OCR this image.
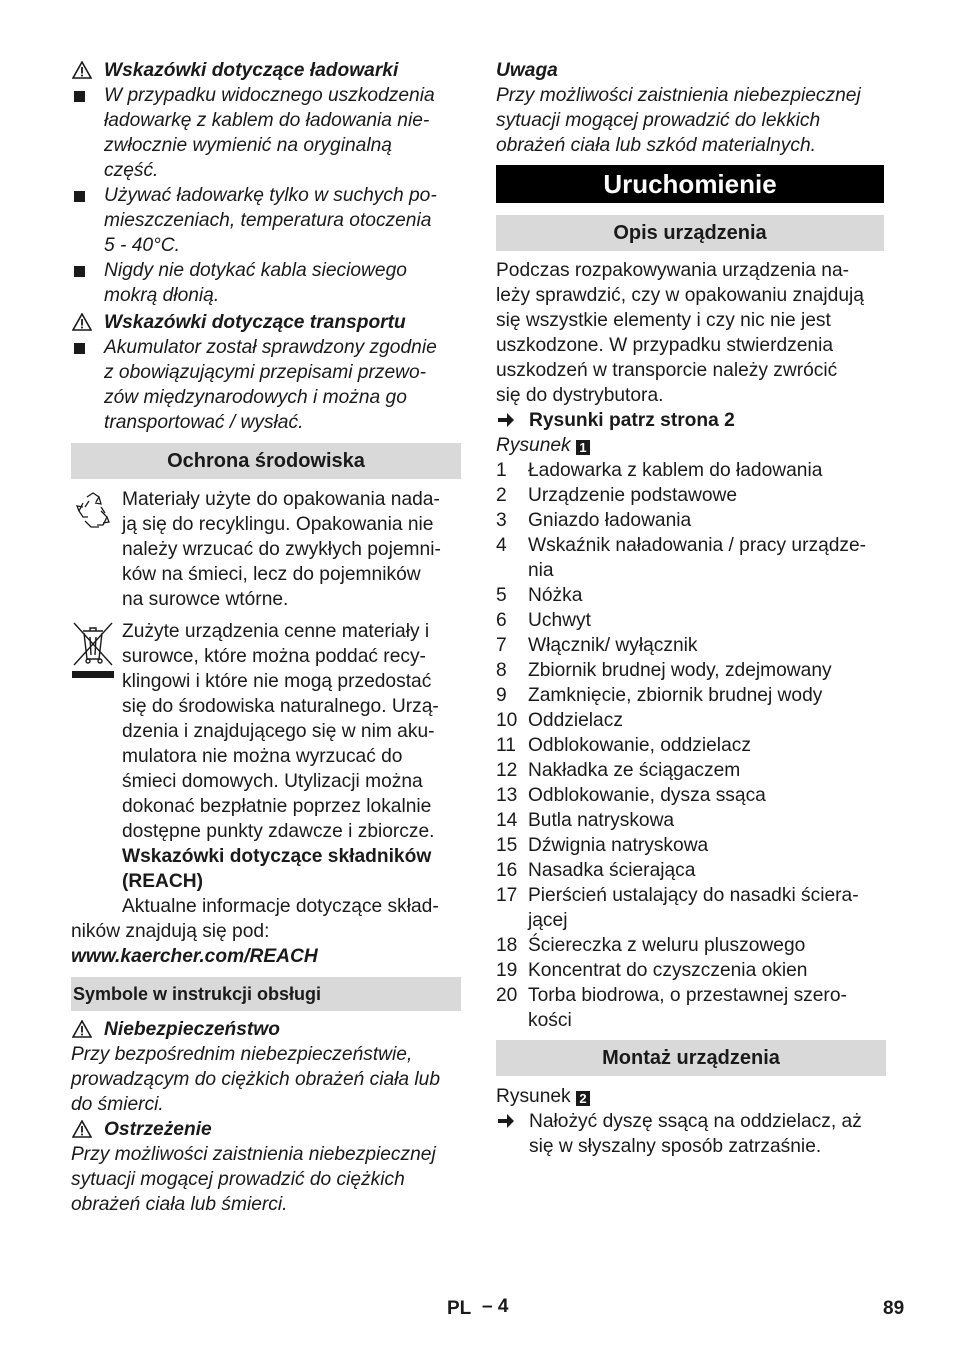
Wskazówki dotyczące ładowarki

W przypadku widocznego uszkodzenia
ładowarkę z kablem do ładowania nie-
zwłocznie wymienić na oryginalną
część.
Używać ładowarkę tylko w suchych po-
mieszczeniach, temperatura otoczenia
5 - 40°C.
Nigdy nie dotykać kabla sieciowego
mokrą dłonią.

Wskazówki dotyczące transportu

Akumulator został sprawdzony zgodnie
z obowiązującymi przepisami przewo-
zów międzynarodowych i można go
transportować / wysłać.
Ochrona środowiska
Materiały użyte do opakowania nada-
ją się do recyklingu. Opakowania nie
należy wrzucać do zwykłych pojemni-
ków na śmieci, lecz do pojemników
na surowce wtórne.
Zużyte urządzenia cenne materiały i
surowce, które można poddać recy-
klingowi i które nie mogą przedostać
się do środowiska naturalnego. Urzą-
dzenia i znajdującego się w nim aku-
mulatora nie można wyrzucać do
śmieci domowych. Utylizacji można
dokonać bezpłatnie poprzez lokalnie
dostępne punkty zdawcze i zbiorcze.
Wskazówki dotyczące składników
(REACH)
Aktualne informacje dotyczące skład-
ników znajdują się pod:
www.kaercher.com/REACH
Symbole w instrukcji obsługi

Niebezpieczeństwo

Przy bezpośrednim niebezpieczeństwie,
prowadzącym do ciężkich obrażeń ciała lub
do śmierci.

Ostrzeżenie

Przy możliwości zaistnienia niebezpiecznej
sytuacji mogącej prowadzić do ciężkich
obrażeń ciała lub śmierci.
Uwaga
Przy możliwości zaistnienia niebezpiecznej
sytuacji mogącej prowadzić do lekkich
obrażeń ciała lub szkód materialnych.
Uruchomienie
Opis urządzenia
Podczas rozpakowywania urządzenia na-
leży sprawdzić, czy w opakowaniu znajdują
się wszystkie elementy i czy nic nie jest
uszkodzone. W przypadku stwierdzenia
uszkodzeń w transporcie należy zwrócić
się do dystrybutora.
Rysunki patrz strona 2
Rysunek 1
1 Ładowarka z kablem do ładowania
2 Urządzenie podstawowe
3 Gniazdo ładowania
4 Wskaźnik naładowania / pracy urządze-
nia
5 Nóżka
6 Uchwyt
7 Włącznik/ wyłącznik
8 Zbiornik brudnej wody, zdejmowany
9 Zamknięcie, zbiornik brudnej wody
10 Oddzielacz
11 Odblokowanie, oddzielacz
12 Nakładka ze ściągaczem
13 Odblokowanie, dysza ssąca
14 Butla natryskowa
15 Dźwignia natryskowa
16 Nasadka ścierająca
17 Pierścień ustalający do nasadki ściera-
jącej
18 Ściereczka z weluru pluszowego
19 Koncentrat do czyszczenia okien
20 Torba biodrowa, o przestawnej szero-
kości
Montaż urządzenia
Rysunek 2
Nałożyć dyszę ssącą na oddzielacz, aż
się w słyszalny sposób zatrzaśnie.
PL – 4	89
